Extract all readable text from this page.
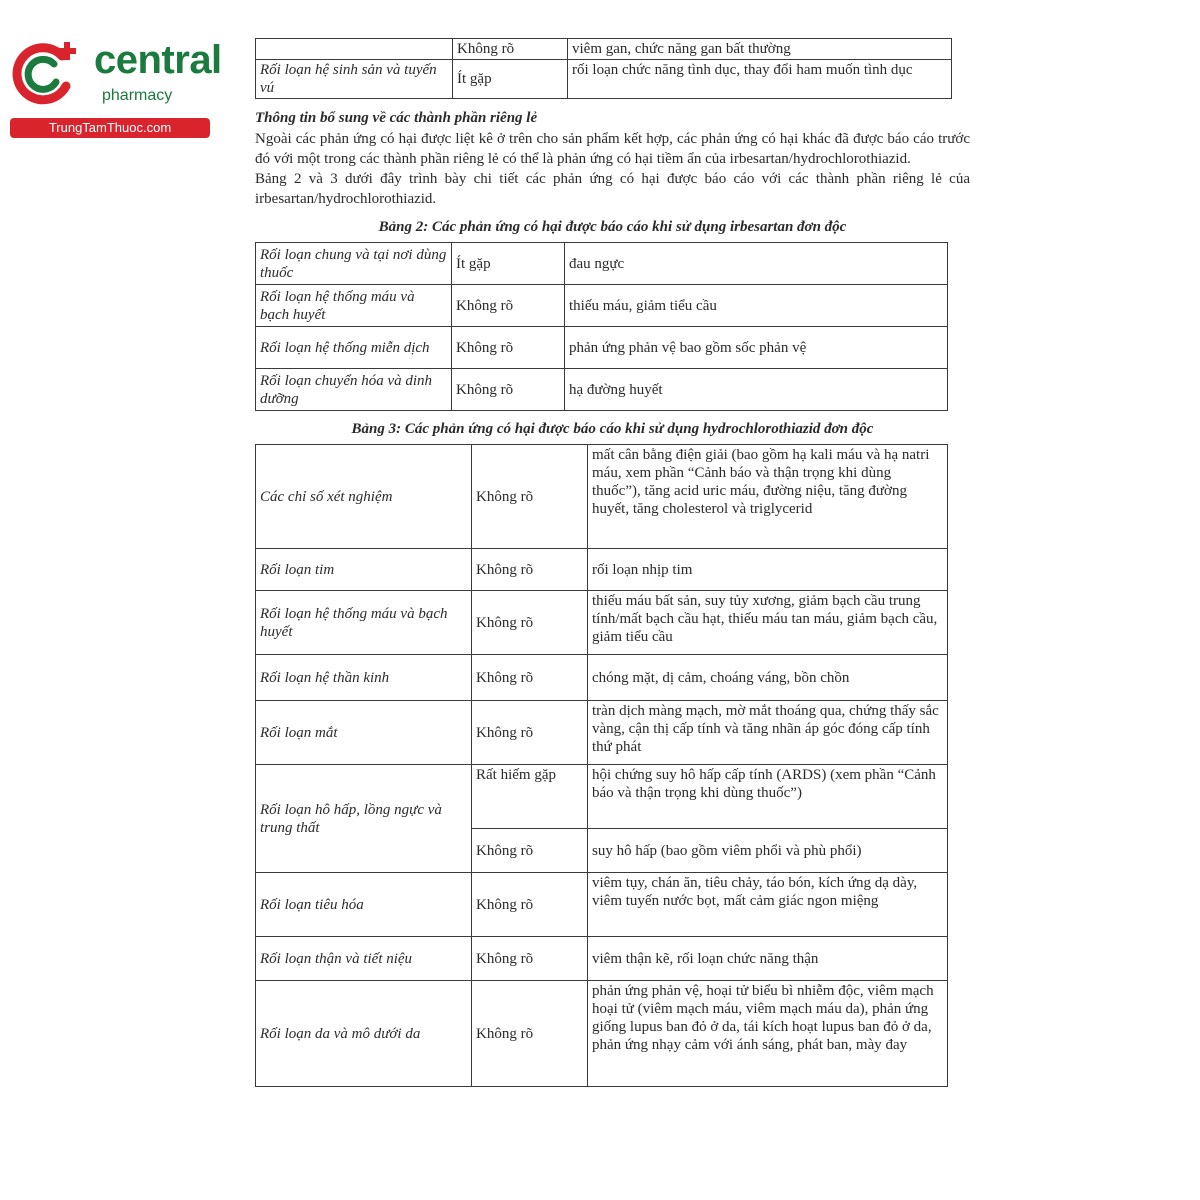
central
pharmacy
TrungTamThuoc.com
	Không rõ	viêm gan, chức năng gan bất thường
Rối loạn hệ sinh sản và tuyến vú	Ít gặp	rối loạn chức năng tình dục, thay đổi ham muốn tình dục
Thông tin bổ sung về các thành phần riêng lẻ

Ngoài các phản ứng có hại được liệt kê ở trên cho sản phẩm kết hợp, các phản ứng có hại khác đã được báo cáo trước đó với một trong các thành phần riêng lẻ có thể là phản ứng có hại tiềm ẩn của irbesartan/hydrochlorothiazid.

Bảng 2 và 3 dưới đây trình bày chi tiết các phản ứng có hại được báo cáo với các thành phần riêng lẻ của irbesartan/hydrochlorothiazid.

Bảng 2: Các phản ứng có hại được báo cáo khi sử dụng irbesartan đơn độc
Rối loạn chung và tại nơi dùng thuốc	Ít gặp	đau ngực
Rối loạn hệ thống máu và bạch huyết	Không rõ	thiếu máu, giảm tiểu cầu
Rối loạn hệ thống miễn dịch	Không rõ	phản ứng phản vệ bao gồm sốc phản vệ
Rối loạn chuyển hóa và dinh dưỡng	Không rõ	hạ đường huyết
Bảng 3: Các phản ứng có hại được báo cáo khi sử dụng hydrochlorothiazid đơn độc
Các chỉ số xét nghiệm	Không rõ	mất cân bằng điện giải (bao gồm hạ kali máu và hạ natri máu, xem phần “Cảnh báo và thận trọng khi dùng thuốc”), tăng acid uric máu, đường niệu, tăng đường huyết, tăng cholesterol và triglycerid
Rối loạn tim	Không rõ	rối loạn nhịp tim
Rối loạn hệ thống máu và bạch huyết	Không rõ	thiếu máu bất sản, suy tủy xương, giảm bạch cầu trung tính/mất bạch cầu hạt, thiếu máu tan máu, giảm bạch cầu, giảm tiểu cầu
Rối loạn hệ thần kinh	Không rõ	chóng mặt, dị cảm, choáng váng, bồn chồn
Rối loạn mắt	Không rõ	tràn dịch màng mạch, mờ mắt thoáng qua, chứng thấy sắc vàng, cận thị cấp tính và tăng nhãn áp góc đóng cấp tính thứ phát
Rối loạn hô hấp, lồng ngực và trung thất	Rất hiếm gặp	hội chứng suy hô hấp cấp tính (ARDS) (xem phần “Cảnh báo và thận trọng khi dùng thuốc”)
	Không rõ	suy hô hấp (bao gồm viêm phổi và phù phổi)
Rối loạn tiêu hóa	Không rõ	viêm tụy, chán ăn, tiêu chảy, táo bón, kích ứng dạ dày, viêm tuyến nước bọt, mất cảm giác ngon miệng
Rối loạn thận và tiết niệu	Không rõ	viêm thận kẽ, rối loạn chức năng thận
Rối loạn da và mô dưới da	Không rõ	phản ứng phản vệ, hoại tử biểu bì nhiễm độc, viêm mạch hoại tử (viêm mạch máu, viêm mạch máu da), phản ứng giống lupus ban đỏ ở da, tái kích hoạt lupus ban đỏ ở da, phản ứng nhạy cảm với ánh sáng, phát ban, mày đay
